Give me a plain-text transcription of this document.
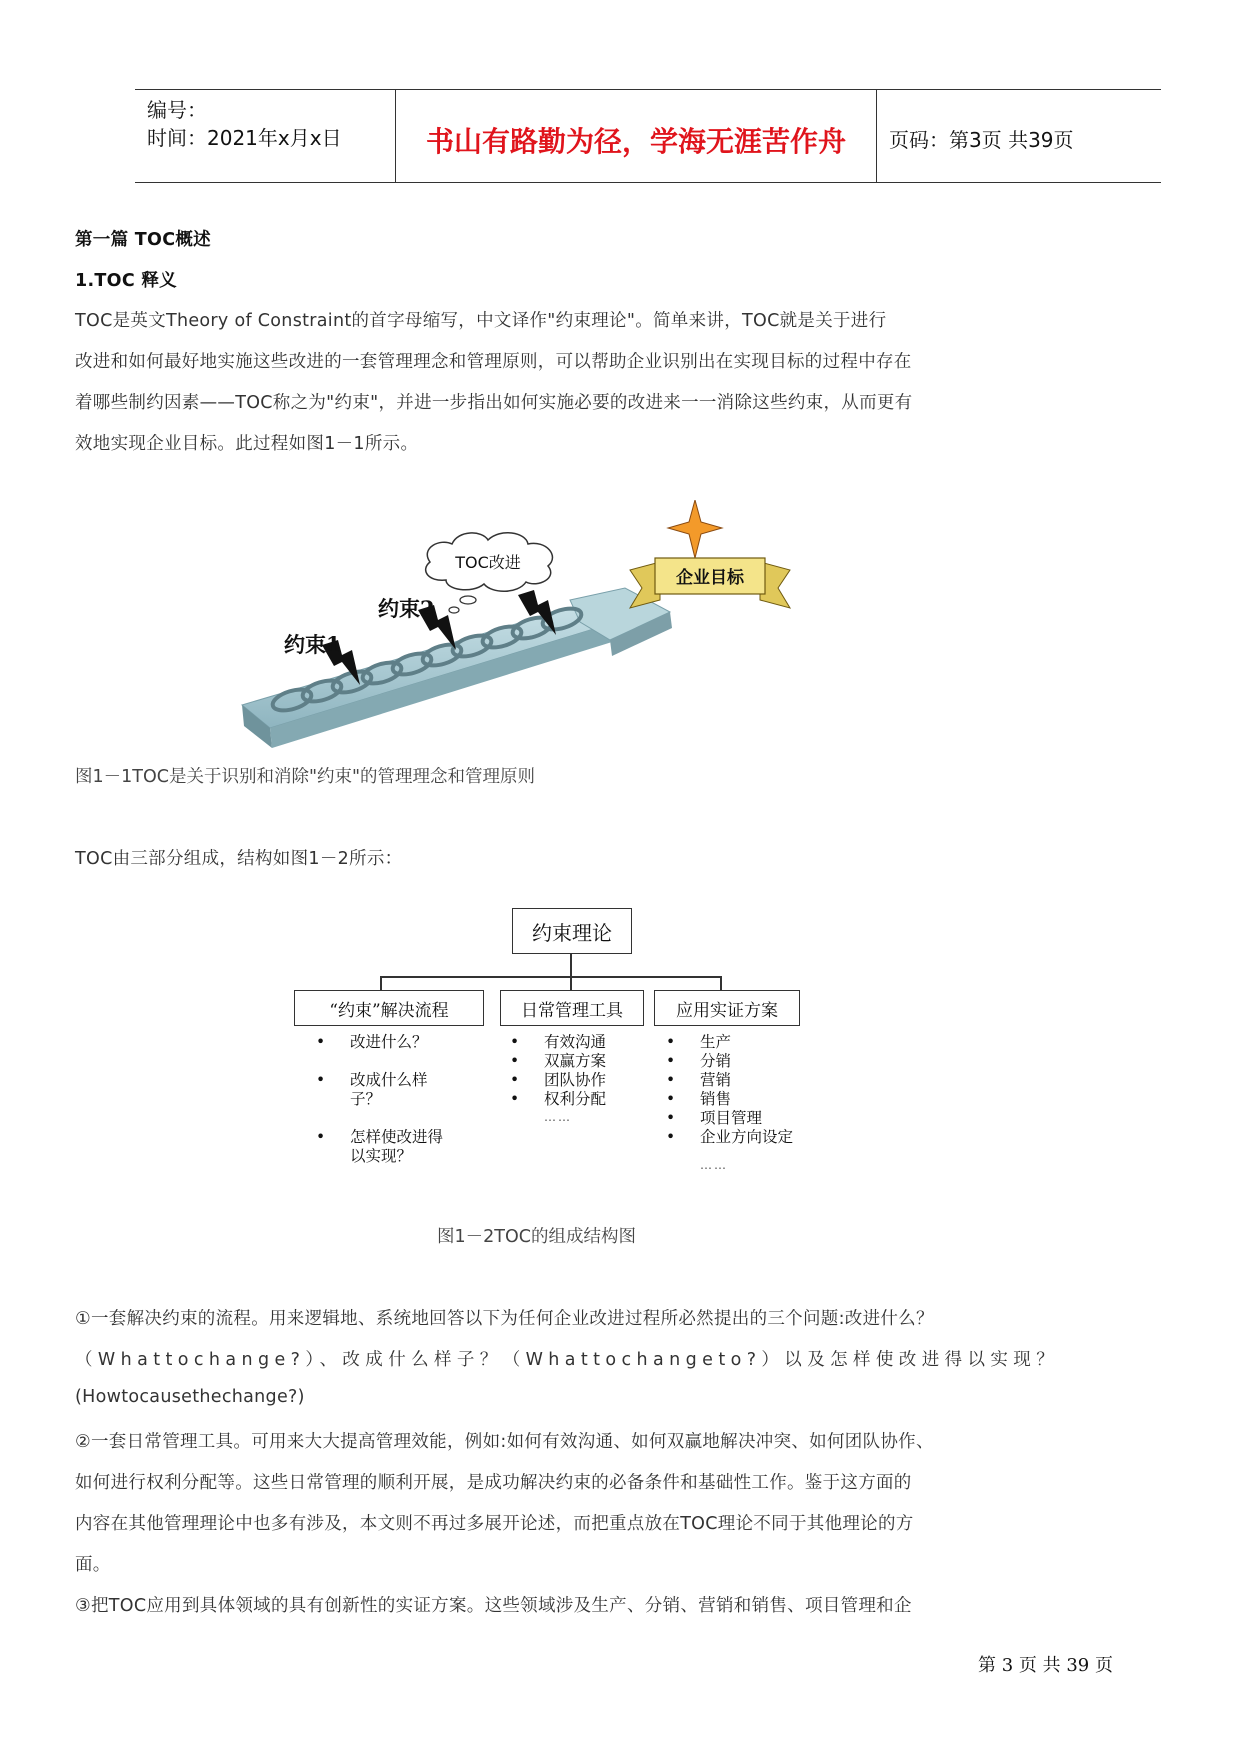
编号：
时间：2021年x月x日	书山有路勤为径，学海无涯苦作舟	页码：第3页 共39页
第一篇 TOC概述
1.TOC 释义
TOC是英文Theory of Constraint的首字母缩写，中文译作"约束理论"。简单来讲，TOC就是关于进行
改进和如何最好地实施这些改进的一套管理理念和管理原则，可以帮助企业识别出在实现目标的过程中存在
着哪些制约因素——TOC称之为"约束"，并进一步指出如何实施必要的改进来一一消除这些约束，从而更有
效地实现企业目标。此过程如图1－1所示。
约束1
约束2
TOC改进
企业目标
图1－1TOC是关于识别和消除"约束"的管理理念和管理原则
TOC由三部分组成，结构如图1－2所示：
约束理论
“约束”解决流程	日常管理工具	应用实证方案
• 改进什么？
• 改成什么样子？
• 怎样使改进得以实现？
• 有效沟通
• 双赢方案
• 团队协作
• 权利分配
……
• 生产
• 分销
• 营销
• 销售
• 项目管理
• 企业方向设定
……
图1－2TOC的组成结构图
①一套解决约束的流程。用来逻辑地、系统地回答以下为任何企业改进过程所必然提出的三个问题:改进什么？
（Whattochange?）、改成什么样子？（Whattochangeto?）以及怎样使改进得以实现？
(Howtocausethechange?)
②一套日常管理工具。可用来大大提高管理效能，例如:如何有效沟通、如何双赢地解决冲突、如何团队协作、
如何进行权利分配等。这些日常管理的顺利开展，是成功解决约束的必备条件和基础性工作。鉴于这方面的
内容在其他管理理论中也多有涉及，本文则不再过多展开论述，而把重点放在TOC理论不同于其他理论的方
面。
③把TOC应用到具体领域的具有创新性的实证方案。这些领域涉及生产、分销、营销和销售、项目管理和企
第 3 页 共 39 页
